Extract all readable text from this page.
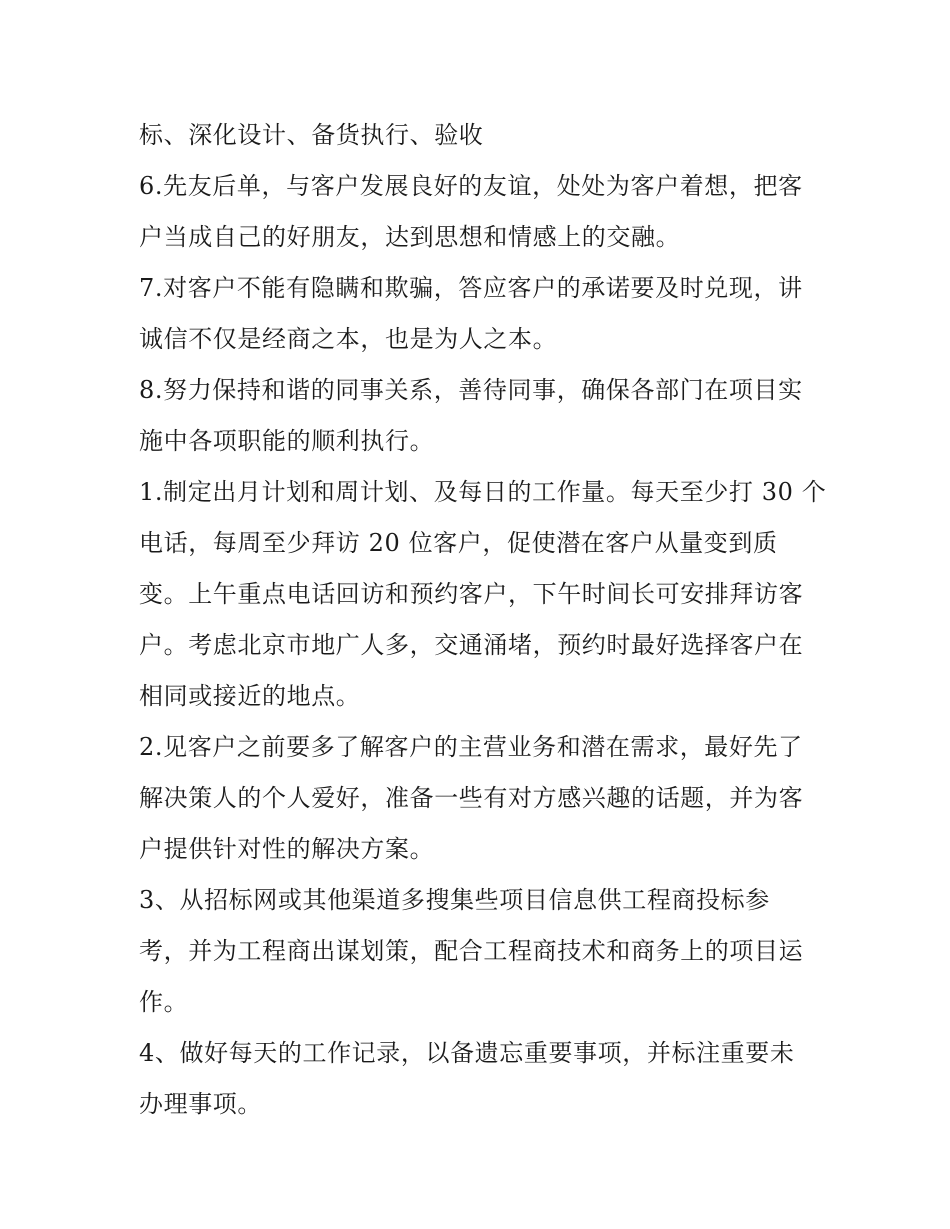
标、深化设计、备货执行、验收
6.先友后单，与客户发展良好的友谊，处处为客户着想，把客
户当成自己的好朋友，达到思想和情感上的交融。
7.对客户不能有隐瞒和欺骗，答应客户的承诺要及时兑现，讲
诚信不仅是经商之本，也是为人之本。
8.努力保持和谐的同事关系，善待同事，确保各部门在项目实
施中各项职能的顺利执行。
1.制定出月计划和周计划、及每日的工作量。每天至少打 30 个
电话，每周至少拜访 20 位客户，促使潜在客户从量变到质
变。上午重点电话回访和预约客户，下午时间长可安排拜访客
户。考虑北京市地广人多，交通涌堵，预约时最好选择客户在
相同或接近的地点。
2.见客户之前要多了解客户的主营业务和潜在需求，最好先了
解决策人的个人爱好，准备一些有对方感兴趣的话题，并为客
户提供针对性的解决方案。
3、从招标网或其他渠道多搜集些项目信息供工程商投标参
考，并为工程商出谋划策，配合工程商技术和商务上的项目运
作。
4、做好每天的工作记录，以备遗忘重要事项，并标注重要未
办理事项。
